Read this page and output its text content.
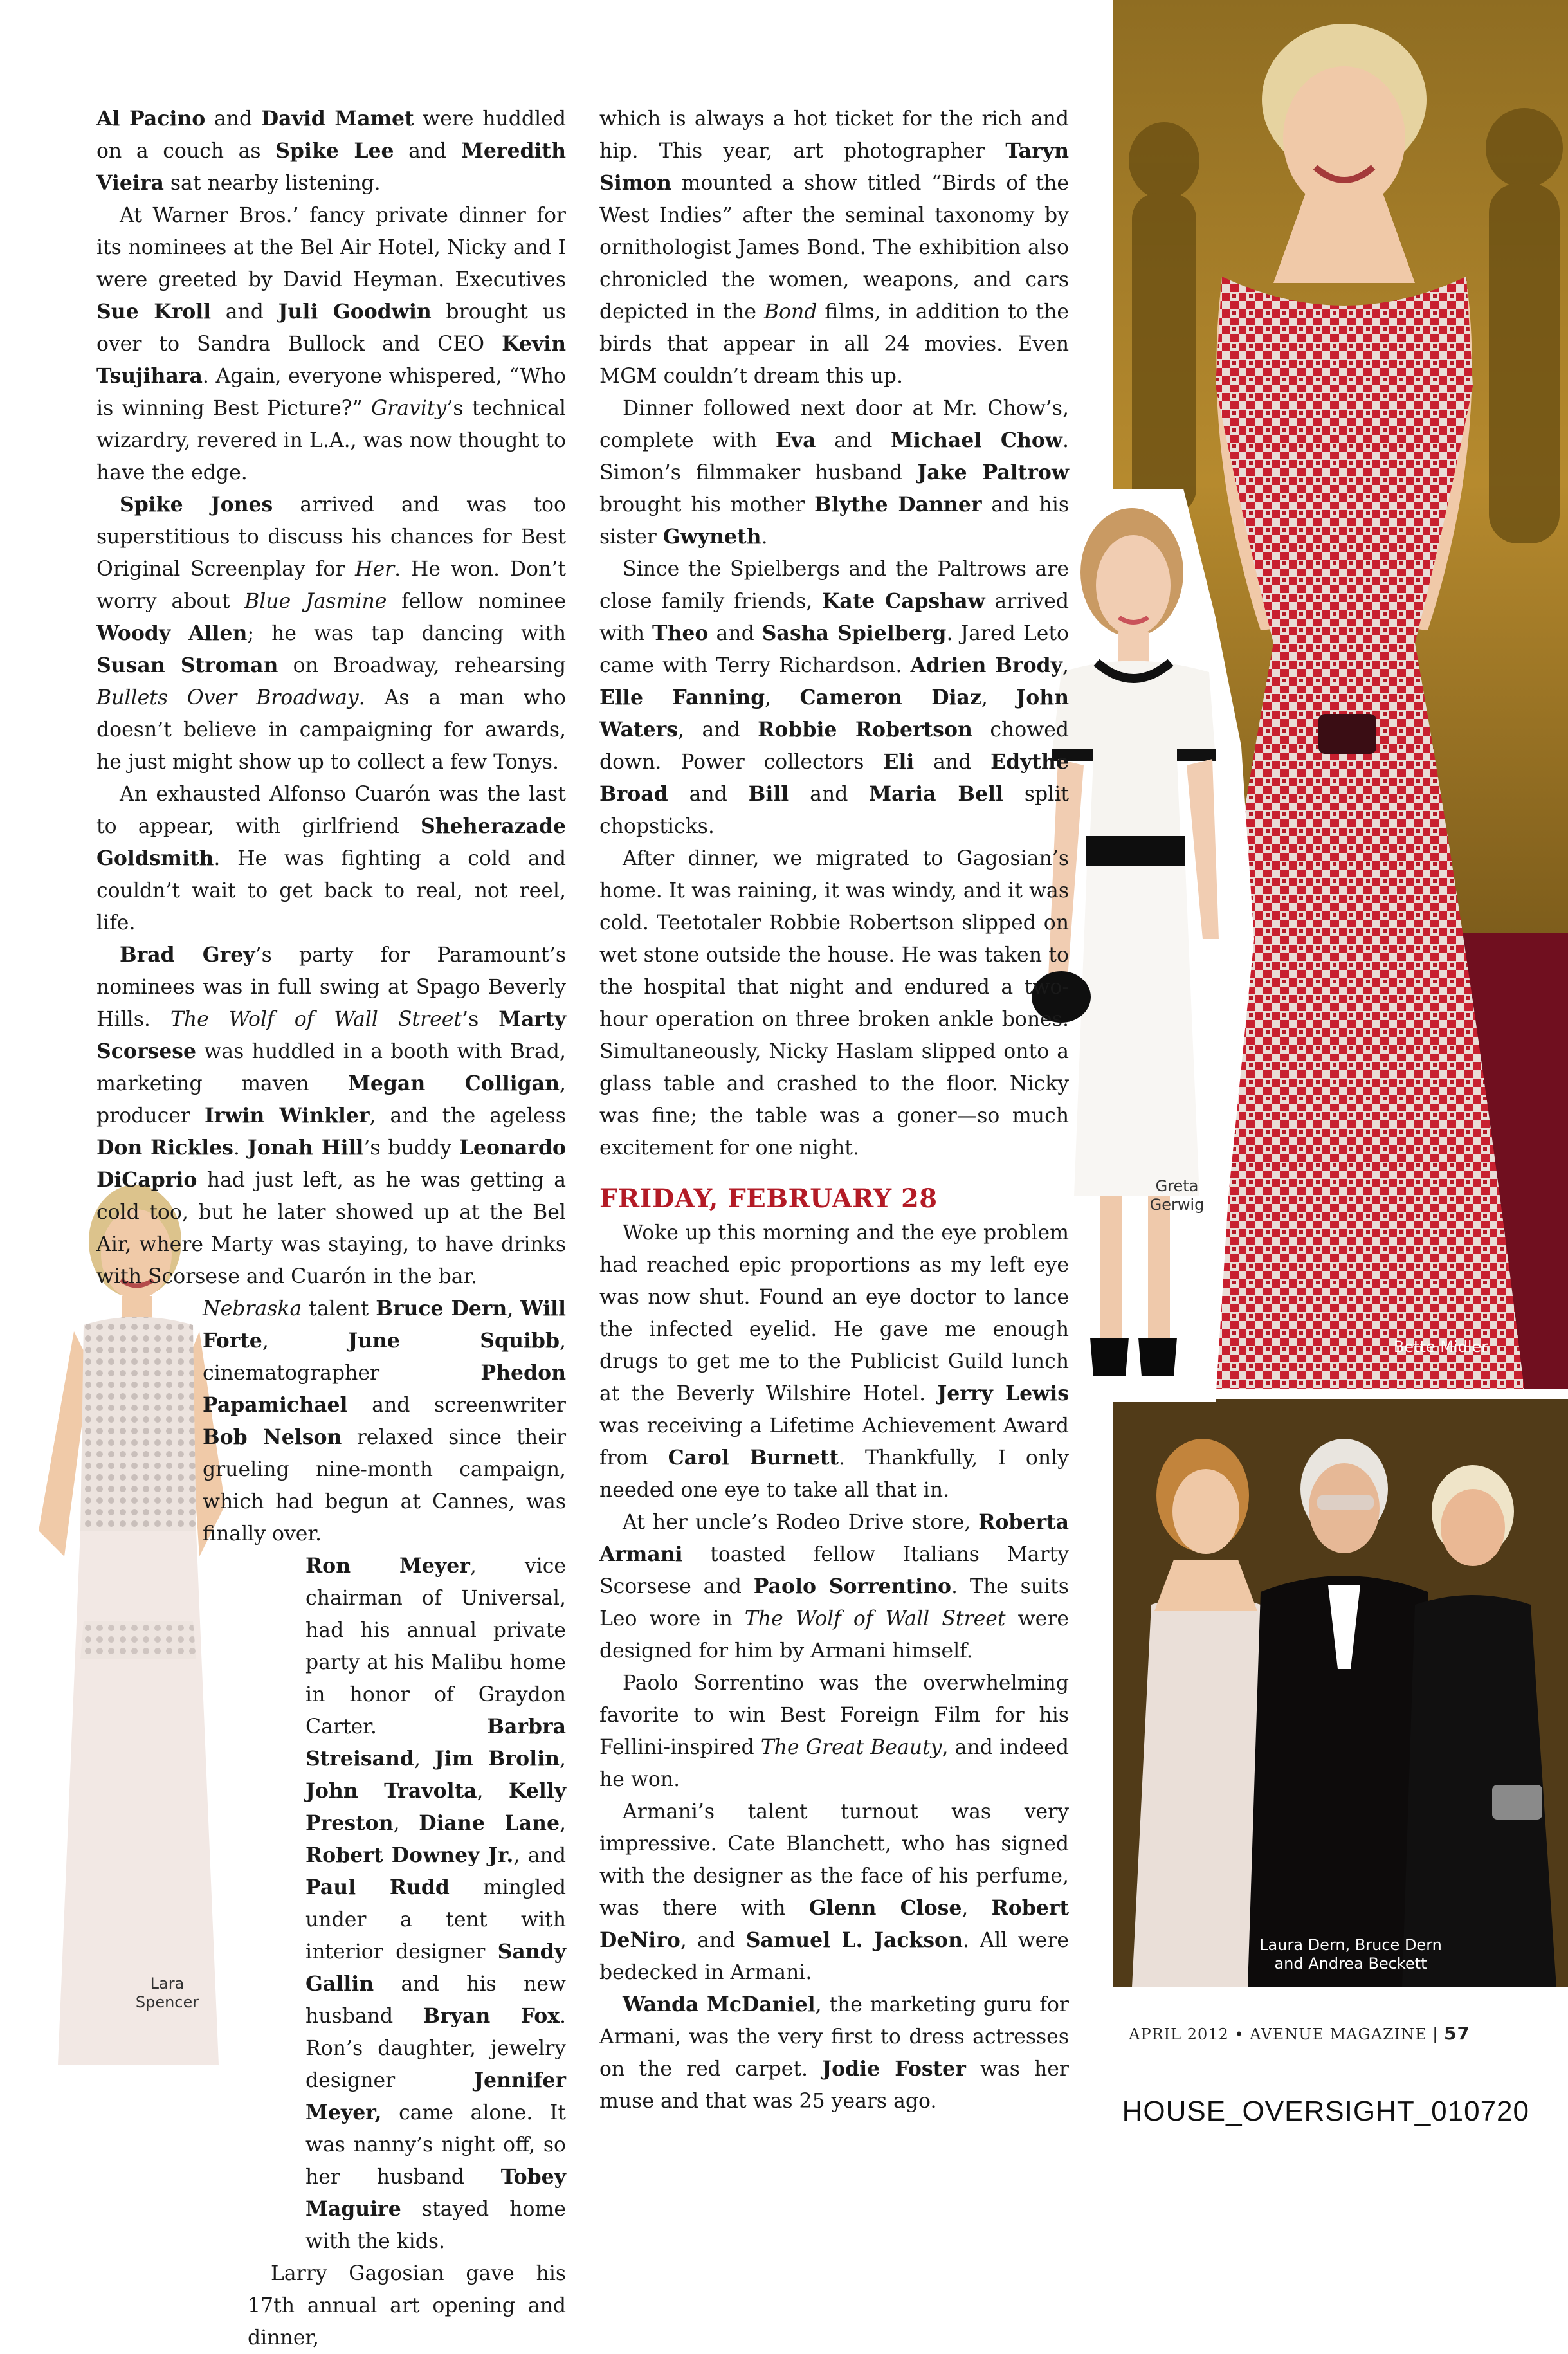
Bette Midler
Laura Dern, Bruce Dern
and Andrea Beckett
Greta
Gerwig
Lara
Spencer

Al Pacino and David Mamet were huddled on a couch as Spike Lee and Meredith Vieira sat nearby listening.

At Warner Bros.’ fancy private dinner for its nominees at the Bel Air Hotel, Nicky and I were greeted by David Heyman. Executives Sue Kroll and Juli Goodwin brought us over to Sandra Bullock and CEO Kevin Tsujihara. Again, everyone whispered, “Who is winning Best Picture?” Gravity’s technical wizardry, revered in L.A., was now thought to have the edge.

Spike Jones arrived and was too superstitious to discuss his chances for Best Original Screenplay for Her. He won. Don’t worry about Blue Jasmine fellow nominee Woody Allen; he was tap dancing with Susan Stroman on Broadway, rehearsing Bullets Over Broadway. As a man who doesn’t believe in campaigning for awards, he just might show up to collect a few Tonys.

An exhausted Alfonso Cuarón was the last to appear, with girlfriend Sheherazade Goldsmith. He was fighting a cold and couldn’t wait to get back to real, not reel, life.

Brad Grey’s party for Paramount’s nominees was in full swing at Spago Beverly Hills. The Wolf of Wall Street’s Marty Scorsese was huddled in a booth with Brad, marketing maven Megan Colligan, producer Irwin Winkler, and the ageless Don Rickles. Jonah Hill’s buddy Leonardo DiCaprio had just left, as he was getting a cold too, but he later showed up at the Bel Air, where Marty was staying, to have drinks with Scorsese and Cuarón in the bar.

Nebraska talent Bruce Dern, Will Forte, June Squibb, cinematographer Phedon Papamichael and screenwriter Bob Nelson relaxed since their grueling nine-month campaign, which had begun at Cannes, was finally over.

Ron Meyer, vice chairman of Universal, had his annual private party at his Malibu home in honor of Graydon Carter. Barbra Streisand, Jim Brolin, John Travolta, Kelly Preston, Diane Lane, Robert Downey Jr., and Paul Rudd mingled under a tent with interior designer Sandy Gallin and his new husband Bryan Fox. Ron’s daughter, jewelry designer Jennifer Meyer, came alone. It was nanny’s night off, so her husband Tobey Maguire stayed home with the kids.

Larry Gagosian gave his 17th annual art opening and dinner,

which is always a hot ticket for the rich and hip. This year, art photographer Taryn Simon mounted a show titled “Birds of the West Indies” after the seminal taxonomy by ornithologist James Bond. The exhibition also chronicled the women, weapons, and cars depicted in the Bond films, in addition to the birds that appear in all 24 movies. Even MGM couldn’t dream this up.

Dinner followed next door at Mr. Chow’s, complete with Eva and Michael Chow. Simon’s filmmaker husband Jake Paltrow brought his mother Blythe Danner and his sister Gwyneth.

Since the Spielbergs and the Paltrows are close family friends, Kate Capshaw arrived with Theo and Sasha Spielberg. Jared Leto came with Terry Richardson. Adrien Brody, Elle Fanning, Cameron Diaz, John Waters, and Robbie Robertson chowed down. Power collectors Eli and Edythe Broad and Bill and Maria Bell split chopsticks.

After dinner, we migrated to Gagosian’s home. It was raining, it was windy, and it was cold. Teetotaler Robbie Robertson slipped on wet stone outside the house. He was taken to the hospital that night and endured a two-hour operation on three broken ankle bones. Simultaneously, Nicky Haslam slipped onto a glass table and crashed to the floor. Nicky was fine; the table was a goner—so much excitement for one night.

FRIDAY, FEBRUARY 28

Woke up this morning and the eye problem had reached epic proportions as my left eye was now shut. Found an eye doctor to lance the infected eyelid. He gave me enough drugs to get me to the Publicist Guild lunch at the Beverly Wilshire Hotel. Jerry Lewis was receiving a Lifetime Achievement Award from Carol Burnett. Thankfully, I only needed one eye to take all that in.

At her uncle’s Rodeo Drive store, Roberta Armani toasted fellow Italians Marty Scorsese and Paolo Sorrentino. The suits Leo wore in The Wolf of Wall Street were designed for him by Armani himself.

Paolo Sorrentino was the overwhelming favorite to win Best Foreign Film for his Fellini-inspired The Great Beauty, and indeed he won.

Armani’s talent turnout was very impressive. Cate Blanchett, who has signed with the designer as the face of his perfume, was there with Glenn Close, Robert DeNiro, and Samuel L. Jackson. All were bedecked in Armani.

Wanda McDaniel, the marketing guru for Armani, was the very first to dress actresses on the red carpet. Jodie Foster was her muse and that was 25 years ago.

APRIL 2012 • AVENUE MAGAZINE | 57
HOUSE_OVERSIGHT_010720
